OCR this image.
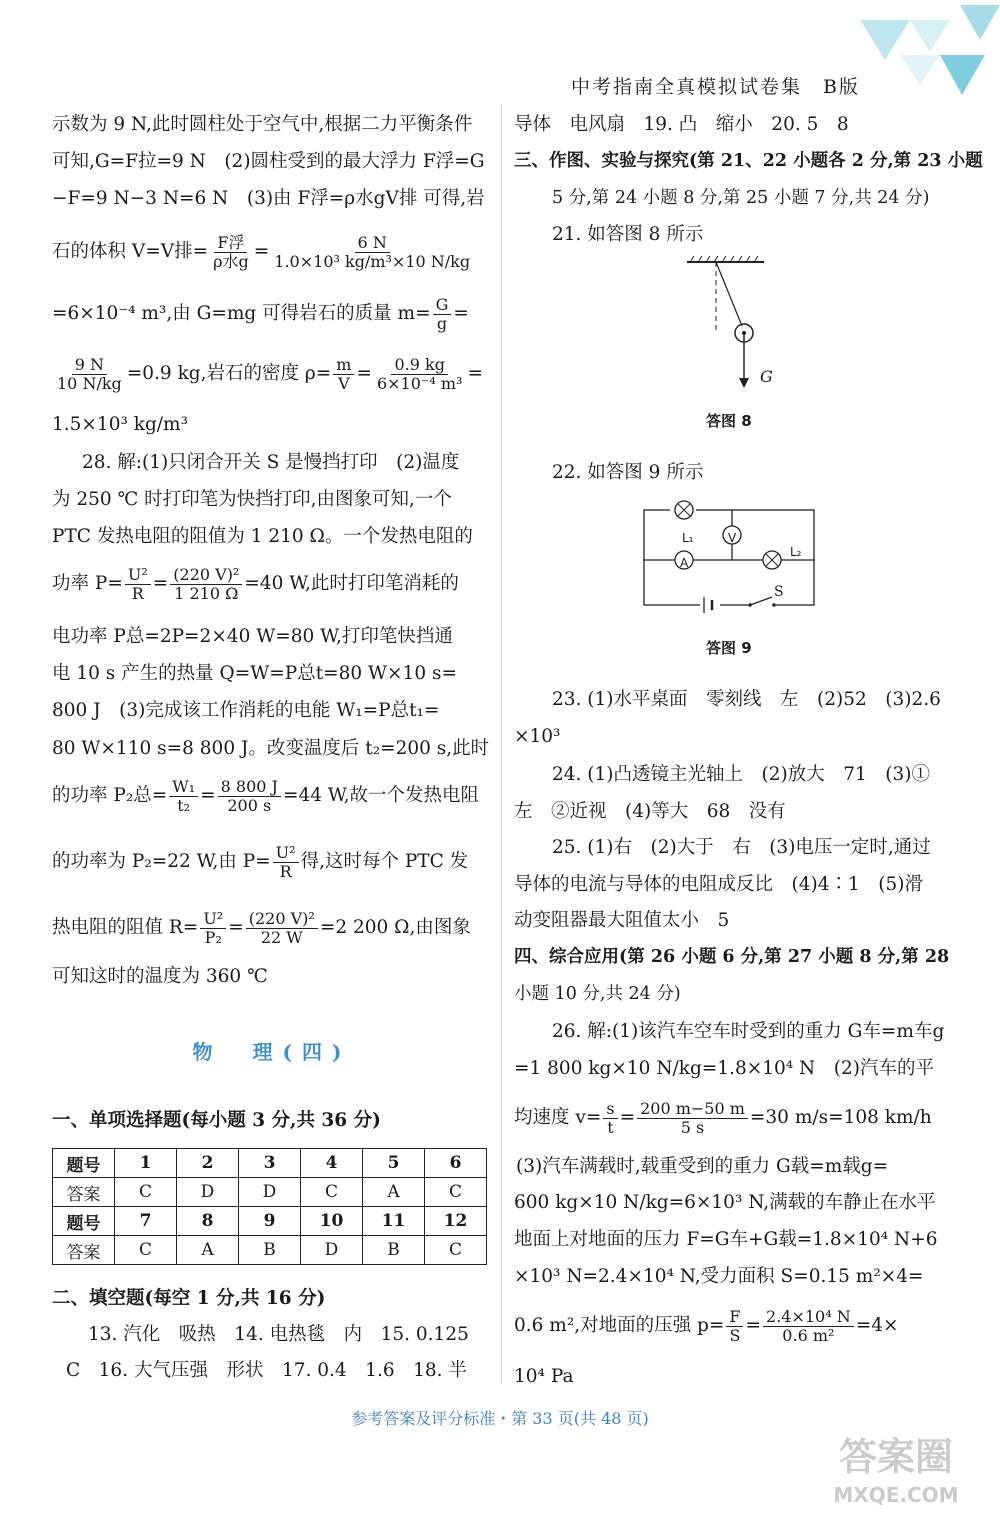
中考指南全真模拟试卷集　B版
示数为 9 N,此时圆柱处于空气中,根据二力平衡条件
可知,G=F拉=9 N　(2)圆柱受到的最大浮力 F浮=G
−F=9 N−3 N=6 N　(3)由 F浮=ρ水gV排 可得,岩
石的体积 V=V排= $\frac{\text{F浮}}{\text{ρ水g}} = \frac{6 N}{\text{1.0×10³ kg/m³×10 N/kg}}$
=6×10⁻⁴ m³,由 G=mg 可得岩石的质量 $m= \frac{G}{g}$ =
$\frac{9 N}{10 N/kg} =0.9$ kg,岩石的密度 $\rho= \frac{m}{V} = \frac{0.9 kg}{\text{6×10⁻⁴ m³}}$ =
1.5×10³ kg/m³
28. 解:(1)只闭合开关 S 是慢挡打印　(2)温度
为 250 ℃ 时打印笔为快挡打印,由图象可知,一个
PTC 发热电阻的阻值为 1 210 Ω。一个发热电阻的
功率 $P= \frac{\text{U²}}{R} = \frac{\text{(220 V)²}}{1 210 \Omega} =40$ W,此时打印笔消耗的
电功率 P总=2P=2×40 W=80 W,打印笔快挡通
电 10 s 产生的热量 Q=W=P总t=80 W×10 s=
800 J　(3)完成该工作消耗的电能 W₁=P总t₁=
80 W×110 s=8 800 J。改变温度后 t₂=200 s,此时
的功率 P₂总= $\frac{\text{W₁}}{\text{t₂}} = \frac{8 800 J}{200 s} =44$ W,故一个发热电阻
的功率为 P₂=22 W,由 $P= \frac{\text{U²}}{R}$ 得,这时每个 PTC 发
热电阻的阻值 $R= \frac{\text{U²}}{\text{P₂}} = \frac{\text{(220 V)²}}{22 W} =2$ 200 Ω,由图象
可知这时的温度为 360 ℃
物　理(四)
一、单项选择题(每小题 3 分,共 36 分)
题号	1	2	3	4	5	6
答案	C	D	D	C	A	C
题号	7	8	9	10	11	12
答案	C	A	B	D	B	C
二、填空题(每空 1 分,共 16 分)
13. 汽化　吸热　14. 电热毯　内　15. 0.125
C　16. 大气压强　形状　17. 0.4　1.6　18. 半
导体　电风扇　19. 凸　缩小　20. 5　8
三、作图、实验与探究(第 21、22 小题各 2 分,第 23 小题
5 分,第 24 小题 8 分,第 25 小题 7 分,共 24 分)
21. 如答图 8 所示
G
答图 8
22. 如答图 9 所示
L₁
L₂
V
A
S
答图 9
23. (1)水平桌面　零刻线　左　(2)52　(3)2.6
×10³
24. (1)凸透镜主光轴上　(2)放大　71　(3)①
左　②近视　(4)等大　68　没有
25. (1)右　(2)大于　右　(3)电压一定时,通过
导体的电流与导体的电阻成反比　(4)4∶1　(5)滑
动变阻器最大阻值太小　5
四、综合应用(第 26 小题 6 分,第 27 小题 8 分,第 28
小题 10 分,共 24 分)
26. 解:(1)该汽车空车时受到的重力 G车=m车g
=1 800 kg×10 N/kg=1.8×10⁴ N　(2)汽车的平
均速度 $v= \frac{s}{t} = \frac{200 m-50 m}{5 s} =30$ m/s=108 km/h
(3)汽车满载时,载重受到的重力 G载=m载g=
600 kg×10 N/kg=6×10³ N,满载的车静止在水平
地面上对地面的压力 F=G车+G载=1.8×10⁴ N+6
×10³ N=2.4×10⁴ N,受力面积 S=0.15 m²×4=
0.6 m²,对地面的压强 $p= \frac{F}{S} = \frac{\text{2.4×10⁴ N}}{\text{0.6 m²}} =4\times$
10⁴ Pa
参考答案及评分标准・第 33 页(共 48 页)
答案圈
MXQE.COM
